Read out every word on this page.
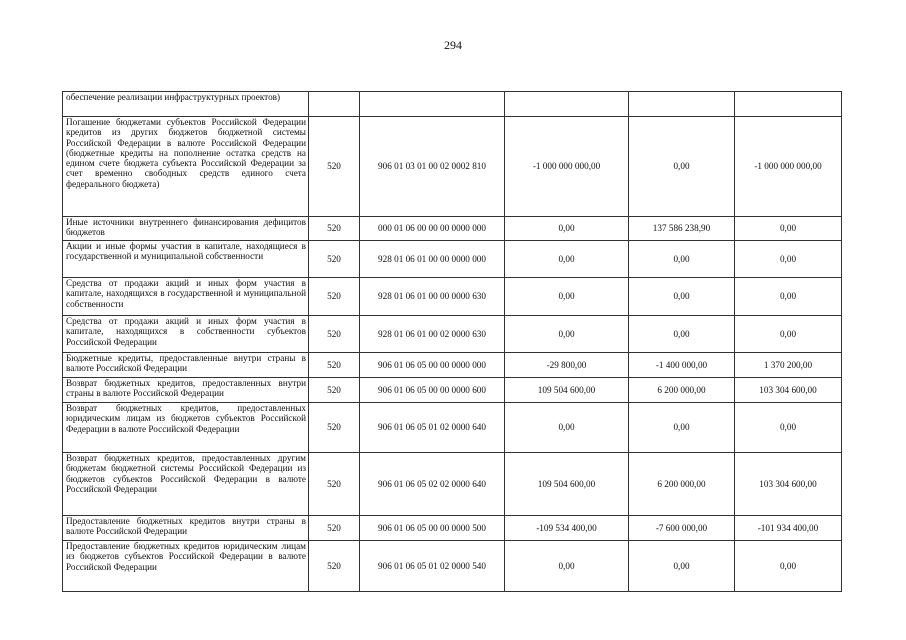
294
обеспечение реализации инфраструктурных проектов)					

Погашение бюджетами субъектов Российской Федерации кредитов из других бюджетов бюджетной системы Российской Федерации в валюте Российской Федерации (бюджетные кредиты на пополнение остатка средств на едином счете бюджета субъекта Российской Федерации за счет временно свободных средств единого счета федерального бюджета)	520	906 01 03 01 00 02 0002 810	-1 000 000 000,00	0,00	-1 000 000 000,00

Иные источники внутреннего финансирования дефицитов бюджетов	520	000 01 06 00 00 00 0000 000	0,00	137 586 238,90	0,00

Акции и иные формы участия в капитале, находящиеся в государственной и муниципальной собственности	520	928 01 06 01 00 00 0000 000	0,00	0,00	0,00

Средства от продажи акций и иных форм участия в капитале, находящихся в государственной и муниципальной собственности	520	928 01 06 01 00 00 0000 630	0,00	0,00	0,00

Средства от продажи акций и иных форм участия в капитале, находящихся в собственности субъектов Российской Федерации	520	928 01 06 01 00 02 0000 630	0,00	0,00	0,00

Бюджетные кредиты, предоставленные внутри страны в валюте Российской Федерации	520	906 01 06 05 00 00 0000 000	-29 800,00	-1 400 000,00	1 370 200,00

Возврат бюджетных кредитов, предоставленных внутри страны в валюте Российской Федерации	520	906 01 06 05 00 00 0000 600	109 504 600,00	6 200 000,00	103 304 600,00

Возврат бюджетных кредитов, предоставленных юридическим лицам из бюджетов субъектов Российской Федерации в валюте Российской Федерации	520	906 01 06 05 01 02 0000 640	0,00	0,00	0,00

Возврат бюджетных кредитов, предоставленных другим бюджетам бюджетной системы Российской Федерации из бюджетов субъектов Российской Федерации в валюте Российской Федерации	520	906 01 06 05 02 02 0000 640	109 504 600,00	6 200 000,00	103 304 600,00

Предоставление бюджетных кредитов внутри страны в валюте Российской Федерации	520	906 01 06 05 00 00 0000 500	-109 534 400,00	-7 600 000,00	-101 934 400,00

Предоставление бюджетных кредитов юридическим лицам из бюджетов субъектов Российской Федерации в валюте Российской Федерации	520	906 01 06 05 01 02 0000 540	0,00	0,00	0,00
